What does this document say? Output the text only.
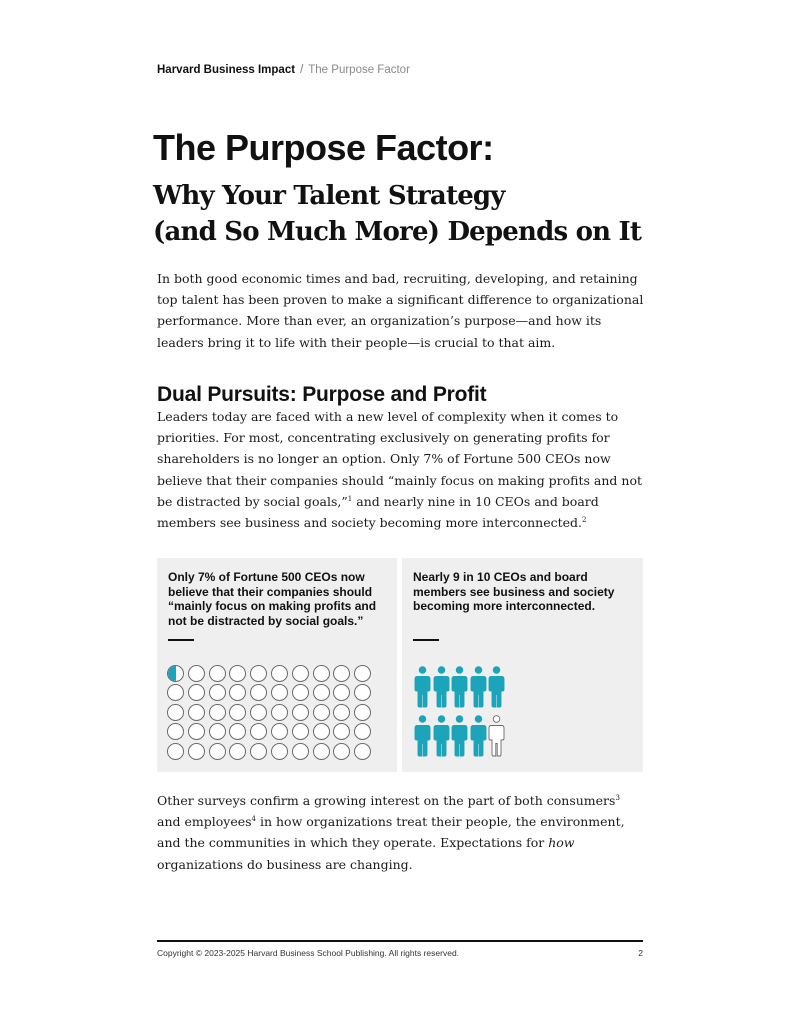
Harvard Business Impact / The Purpose Factor
The Purpose Factor:
Why Your Talent Strategy
(and So Much More) Depends on It

In both good economic times and bad, recruiting, developing, and retaining top talent has been proven to make a significant difference to organizational performance. More than ever, an organization’s purpose—and how its leaders bring it to life with their people—is crucial to that aim.

Dual Pursuits: Purpose and Profit

Leaders today are faced with a new level of complexity when it comes to priorities. For most, concentrating exclusively on generating profits for shareholders is no longer an option. Only 7% of Fortune 500 CEOs now believe that their companies should “mainly focus on making profits and not be distracted by social goals,”$^1$ and nearly nine in 10 CEOs and board members see business and society becoming more interconnected.$^2$

Only 7% of Fortune 500 CEOs now believe that their companies should “mainly focus on making profits and not be distracted by social goals.”
Nearly 9 in 10 CEOs and board members see business and society becoming more interconnected.

Other surveys confirm a growing interest on the part of both consumers$^3$ and employees$^4$ in how organizations treat their people, the environment, and the communities in which they operate. Expectations for how organizations do business are changing.

Copyright © 2023-2025 Harvard Business School Publishing. All rights reserved.	2
